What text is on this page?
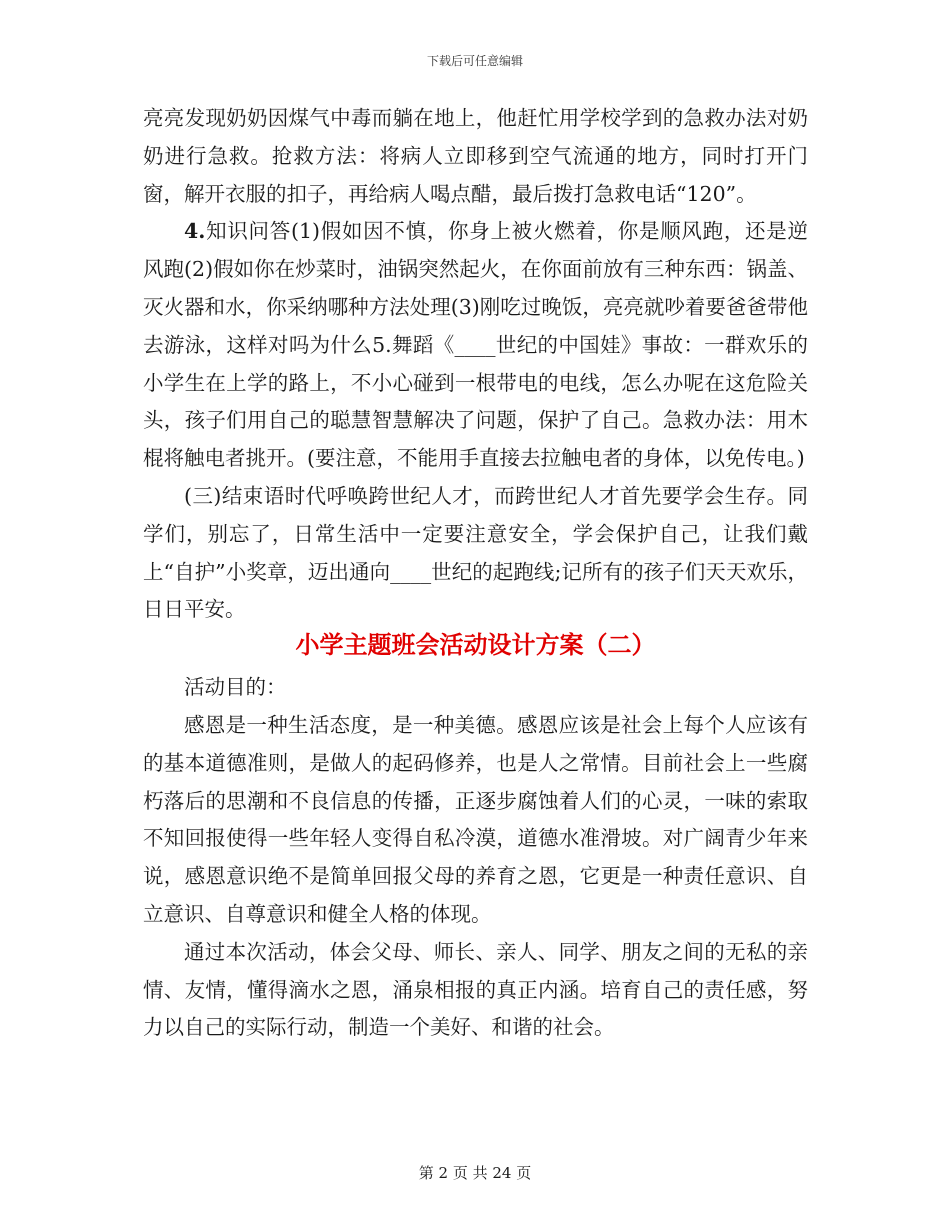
下载后可任意编辑

亮亮发现奶奶因煤气中毒而躺在地上，他赶忙用学校学到的急救办法对奶奶进行急救。抢救方法：将病人立即移到空气流通的地方，同时打开门窗，解开衣服的扣子，再给病人喝点醋，最后拨打急救电话“120”。

4.知识问答(1)假如因不慎，你身上被火燃着，你是顺风跑，还是逆风跑(2)假如你在炒菜时，油锅突然起火，在你面前放有三种东西：锅盖、灭火器和水，你采纳哪种方法处理(3)刚吃过晚饭，亮亮就吵着要爸爸带他去游泳，这样对吗为什么5.舞蹈《____世纪的中国娃》事故：一群欢乐的小学生在上学的路上，不小心碰到一根带电的电线，怎么办呢在这危险关头，孩子们用自己的聪慧智慧解决了问题，保护了自己。急救办法：用木棍将触电者挑开。(要注意，不能用手直接去拉触电者的身体，以免传电。)

(三)结束语时代呼唤跨世纪人才，而跨世纪人才首先要学会生存。同学们，别忘了，日常生活中一定要注意安全，学会保护自己，让我们戴上“自护”小奖章，迈出通向____世纪的起跑线;记所有的孩子们天天欢乐，日日平安。

小学主题班会活动设计方案（二）

活动目的：

感恩是一种生活态度，是一种美德。感恩应该是社会上每个人应该有的基本道德准则，是做人的起码修养，也是人之常情。目前社会上一些腐朽落后的思潮和不良信息的传播，正逐步腐蚀着人们的心灵，一味的索取不知回报使得一些年轻人变得自私冷漠，道德水准滑坡。对广阔青少年来说，感恩意识绝不是简单回报父母的养育之恩，它更是一种责任意识、自立意识、自尊意识和健全人格的体现。

通过本次活动，体会父母、师长、亲人、同学、朋友之间的无私的亲情、友情，懂得滴水之恩，涌泉相报的真正内涵。培育自己的责任感，努力以自己的实际行动，制造一个美好、和谐的社会。

第 2 页 共 24 页
